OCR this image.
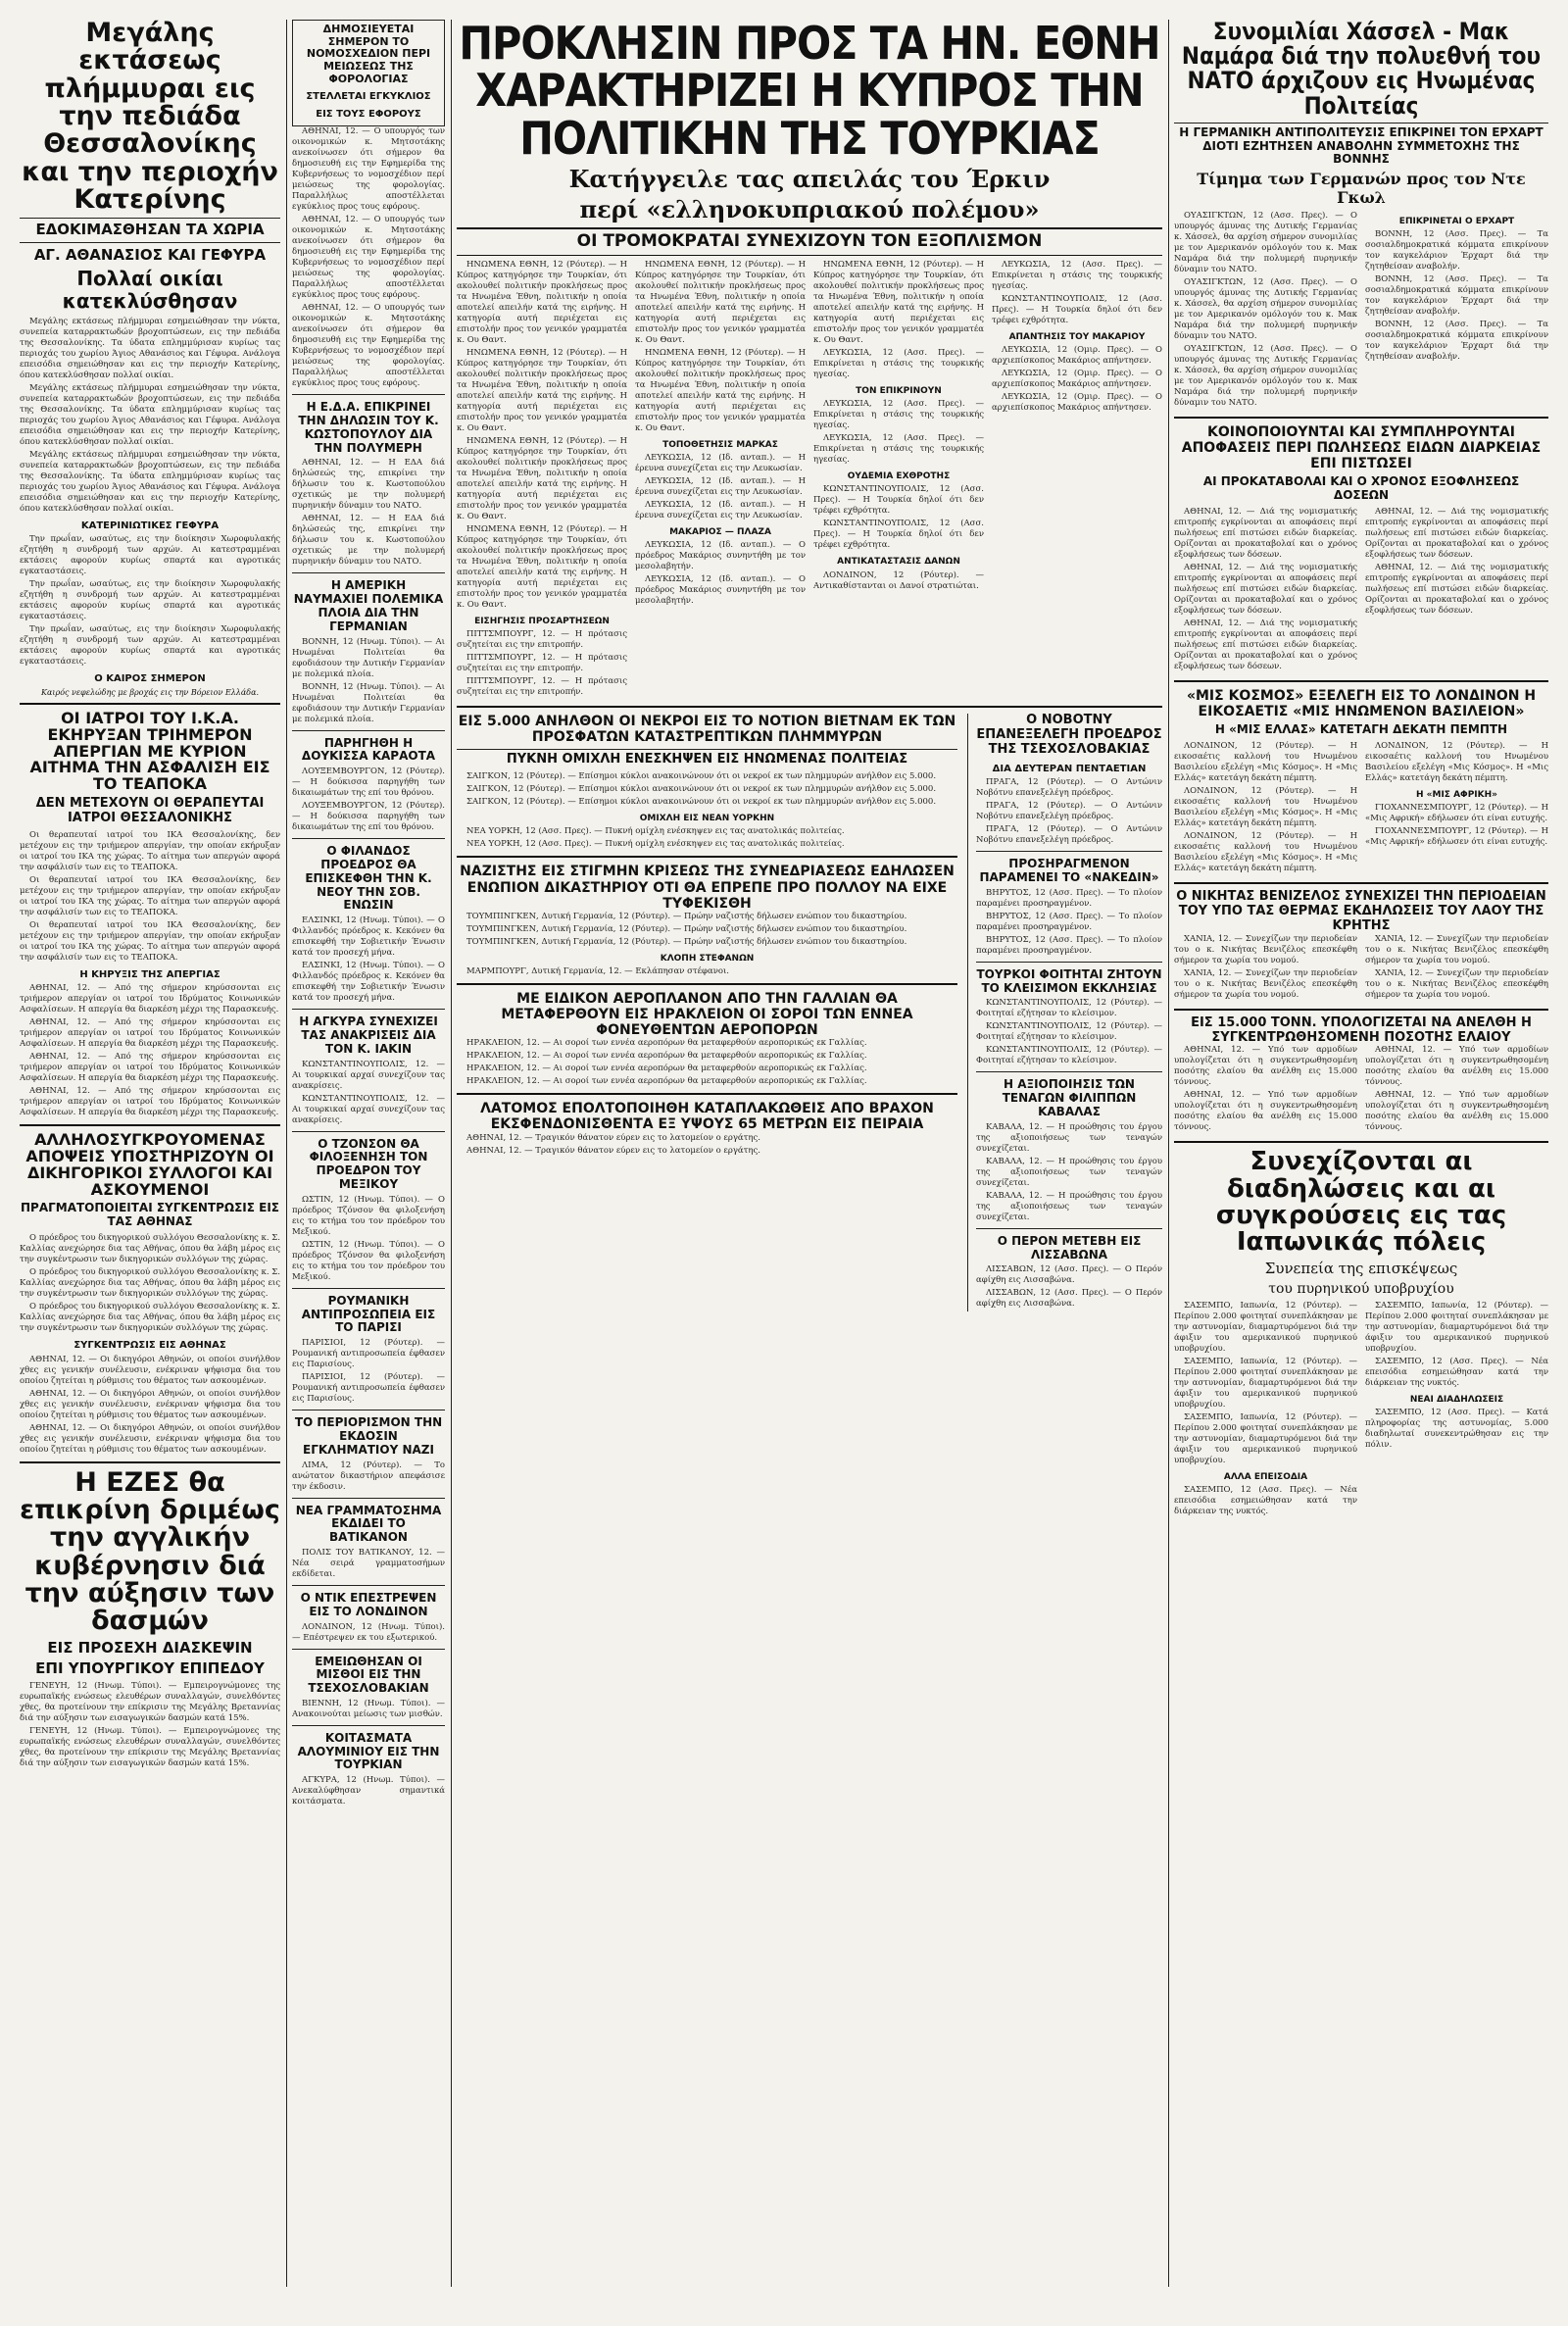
Μεγάλης εκτάσεως πλήμμυραι εις την πεδιάδα Θεσσαλονίκης και την περιοχήν Κατερίνης
ΕΔΟΚΙΜΑΣΘΗΣΑΝ ΤΑ ΧΩΡΙΑ
ΑΓ. ΑΘΑΝΑΣΙΟΣ ΚΑΙ ΓΕΦΥΡΑ
Πολλαί οικίαι κατεκλύσθησαν

Μεγάλης εκτάσεως πλήμμυραι εσημειώθησαν την νύκτα, συνεπεία καταρρακτωδών βροχοπτώσεων, εις την πεδιάδα της Θεσσαλονίκης. Τα ύδατα επλημμύρισαν κυρίως τας περιοχάς του χωρίου Άγιος Αθανάσιος και Γέφυρα. Ανάλογα επεισόδια σημειώθησαν και εις την περιοχήν Κατερίνης, όπου κατεκλύσθησαν πολλαί οικίαι.

Μεγάλης εκτάσεως πλήμμυραι εσημειώθησαν την νύκτα, συνεπεία καταρρακτωδών βροχοπτώσεων, εις την πεδιάδα της Θεσσαλονίκης. Τα ύδατα επλημμύρισαν κυρίως τας περιοχάς του χωρίου Άγιος Αθανάσιος και Γέφυρα. Ανάλογα επεισόδια σημειώθησαν και εις την περιοχήν Κατερίνης, όπου κατεκλύσθησαν πολλαί οικίαι.

Μεγάλης εκτάσεως πλήμμυραι εσημειώθησαν την νύκτα, συνεπεία καταρρακτωδών βροχοπτώσεων, εις την πεδιάδα της Θεσσαλονίκης. Τα ύδατα επλημμύρισαν κυρίως τας περιοχάς του χωρίου Άγιος Αθανάσιος και Γέφυρα. Ανάλογα επεισόδια σημειώθησαν και εις την περιοχήν Κατερίνης, όπου κατεκλύσθησαν πολλαί οικίαι.

ΚΑΤΕΡΙΝΙΩΤΙΚΕΣ ΓΕΦΥΡΑ

Την πρωΐαν, ωσαύτως, εις την διοίκησιν Χωροφυλακής εζητήθη η συνδρομή των αρχών. Αι κατεστραμμέναι εκτάσεις αφορούν κυρίως σπαρτά και αγροτικάς εγκαταστάσεις.

Την πρωΐαν, ωσαύτως, εις την διοίκησιν Χωροφυλακής εζητήθη η συνδρομή των αρχών. Αι κατεστραμμέναι εκτάσεις αφορούν κυρίως σπαρτά και αγροτικάς εγκαταστάσεις.

Την πρωΐαν, ωσαύτως, εις την διοίκησιν Χωροφυλακής εζητήθη η συνδρομή των αρχών. Αι κατεστραμμέναι εκτάσεις αφορούν κυρίως σπαρτά και αγροτικάς εγκαταστάσεις.

Ο ΚΑΙΡΟΣ ΣΗΜΕΡΟΝ
Καιρός νεφελώδης με βροχάς εις την Βόρειον Ελλάδα.
ΟΙ ΙΑΤΡΟΙ ΤΟΥ Ι.Κ.Α. ΕΚΗΡΥΞΑΝ ΤΡΙΗΜΕΡΟΝ ΑΠΕΡΓΙΑΝ ΜΕ ΚΥΡΙΟΝ ΑΙΤΗΜΑ ΤΗΝ ΑΣΦΑΛΙΣΗ ΕΙΣ ΤΟ ΤΕΑΠΟΚΑ
ΔΕΝ ΜΕΤΕΧΟΥΝ ΟΙ ΘΕΡΑΠΕΥΤΑΙ ΙΑΤΡΟΙ ΘΕΣΣΑΛΟΝΙΚΗΣ

Οι θεραπευταί ιατροί του ΙΚΑ Θεσσαλονίκης, δεν μετέχουν εις την τριήμερον απεργίαν, την οποίαν εκήρυξαν οι ιατροί του ΙΚΑ της χώρας. Το αίτημα των απεργών αφορά την ασφάλισίν των εις το ΤΕΑΠΟΚΑ.

Οι θεραπευταί ιατροί του ΙΚΑ Θεσσαλονίκης, δεν μετέχουν εις την τριήμερον απεργίαν, την οποίαν εκήρυξαν οι ιατροί του ΙΚΑ της χώρας. Το αίτημα των απεργών αφορά την ασφάλισίν των εις το ΤΕΑΠΟΚΑ.

Οι θεραπευταί ιατροί του ΙΚΑ Θεσσαλονίκης, δεν μετέχουν εις την τριήμερον απεργίαν, την οποίαν εκήρυξαν οι ιατροί του ΙΚΑ της χώρας. Το αίτημα των απεργών αφορά την ασφάλισίν των εις το ΤΕΑΠΟΚΑ.

Η ΚΗΡΥΞΙΣ ΤΗΣ ΑΠΕΡΓΙΑΣ

ΑΘΗΝΑΙ, 12. — Από της σήμερον κηρύσσονται εις τριήμερον απεργίαν οι ιατροί του Ιδρύματος Κοινωνικών Ασφαλίσεων. Η απεργία θα διαρκέση μέχρι της Παρασκευής.

ΑΘΗΝΑΙ, 12. — Από της σήμερον κηρύσσονται εις τριήμερον απεργίαν οι ιατροί του Ιδρύματος Κοινωνικών Ασφαλίσεων. Η απεργία θα διαρκέση μέχρι της Παρασκευής.

ΑΘΗΝΑΙ, 12. — Από της σήμερον κηρύσσονται εις τριήμερον απεργίαν οι ιατροί του Ιδρύματος Κοινωνικών Ασφαλίσεων. Η απεργία θα διαρκέση μέχρι της Παρασκευής.

ΑΘΗΝΑΙ, 12. — Από της σήμερον κηρύσσονται εις τριήμερον απεργίαν οι ιατροί του Ιδρύματος Κοινωνικών Ασφαλίσεων. Η απεργία θα διαρκέση μέχρι της Παρασκευής.

ΑΛΛΗΛΟΣΥΓΚΡΟΥΟΜΕΝΑΣ ΑΠΟΨΕΙΣ ΥΠΟΣΤΗΡΙΖΟΥΝ ΟΙ ΔΙΚΗΓΟΡΙΚΟΙ ΣΥΛΛΟΓΟΙ ΚΑΙ ΑΣΚΟΥΜΕΝΟΙ
ΠΡΑΓΜΑΤΟΠΟΙΕΙΤΑΙ ΣΥΓΚΕΝΤΡΩΣΙΣ ΕΙΣ ΤΑΣ ΑΘΗΝΑΣ

Ο πρόεδρος του δικηγορικού συλλόγου Θεσσαλονίκης κ. Σ. Καλλίας ανεχώρησε δια τας Αθήνας, όπου θα λάβη μέρος εις την συγκέντρωσιν των δικηγορικών συλλόγων της χώρας.

Ο πρόεδρος του δικηγορικού συλλόγου Θεσσαλονίκης κ. Σ. Καλλίας ανεχώρησε δια τας Αθήνας, όπου θα λάβη μέρος εις την συγκέντρωσιν των δικηγορικών συλλόγων της χώρας.

Ο πρόεδρος του δικηγορικού συλλόγου Θεσσαλονίκης κ. Σ. Καλλίας ανεχώρησε δια τας Αθήνας, όπου θα λάβη μέρος εις την συγκέντρωσιν των δικηγορικών συλλόγων της χώρας.

ΣΥΓΚΕΝΤΡΩΣΙΣ ΕΙΣ ΑΘΗΝΑΣ

ΑΘΗΝΑΙ, 12. — Οι δικηγόροι Αθηνών, οι οποίοι συνήλθον χθες εις γενικήν συνέλευσιν, ενέκριναν ψήφισμα δια του οποίου ζητείται η ρύθμισις του θέματος των ασκουμένων.

ΑΘΗΝΑΙ, 12. — Οι δικηγόροι Αθηνών, οι οποίοι συνήλθον χθες εις γενικήν συνέλευσιν, ενέκριναν ψήφισμα δια του οποίου ζητείται η ρύθμισις του θέματος των ασκουμένων.

ΑΘΗΝΑΙ, 12. — Οι δικηγόροι Αθηνών, οι οποίοι συνήλθον χθες εις γενικήν συνέλευσιν, ενέκριναν ψήφισμα δια του οποίου ζητείται η ρύθμισις του θέματος των ασκουμένων.

Η ΕΖΕΣ θα επικρίνη δριμέως την αγγλικήν κυβέρνησιν διά την αύξησιν των δασμών
ΕΙΣ ΠΡΟΣΕΧΗ ΔΙΑΣΚΕΨΙΝ
ΕΠΙ ΥΠΟΥΡΓΙΚΟΥ ΕΠΙΠΕΔΟΥ

ΓΕΝΕΥΗ, 12 (Ηνωμ. Τύποι). — Εμπειρογνώμονες της ευρωπαϊκής ενώσεως ελευθέρων συναλλαγών, συνελθόντες χθες, θα προτείνουν την επίκρισιν της Μεγάλης Βρεταννίας διά την αύξησιν των εισαγωγικών δασμών κατά 15%.

ΓΕΝΕΥΗ, 12 (Ηνωμ. Τύποι). — Εμπειρογνώμονες της ευρωπαϊκής ενώσεως ελευθέρων συναλλαγών, συνελθόντες χθες, θα προτείνουν την επίκρισιν της Μεγάλης Βρεταννίας διά την αύξησιν των εισαγωγικών δασμών κατά 15%.

ΔΗΜΟΣΙΕΥΕΤΑΙ ΣΗΜΕΡΟΝ ΤΟ ΝΟΜΟΣΧΕΔΙΟΝ ΠΕΡΙ ΜΕΙΩΣΕΩΣ ΤΗΣ ΦΟΡΟΛΟΓΙΑΣ
ΣΤΕΛΛΕΤΑΙ ΕΓΚΥΚΛΙΟΣ
ΕΙΣ ΤΟΥΣ ΕΦΟΡΟΥΣ

ΑΘΗΝΑΙ, 12. — Ο υπουργός των οικονομικών κ. Μητσοτάκης ανεκοίνωσεν ότι σήμερον θα δημοσιευθή εις την Εφημερίδα της Κυβερνήσεως το νομοσχέδιον περί μειώσεως της φορολογίας. Παραλλήλως αποστέλλεται εγκύκλιος προς τους εφόρους.

ΑΘΗΝΑΙ, 12. — Ο υπουργός των οικονομικών κ. Μητσοτάκης ανεκοίνωσεν ότι σήμερον θα δημοσιευθή εις την Εφημερίδα της Κυβερνήσεως το νομοσχέδιον περί μειώσεως της φορολογίας. Παραλλήλως αποστέλλεται εγκύκλιος προς τους εφόρους.

ΑΘΗΝΑΙ, 12. — Ο υπουργός των οικονομικών κ. Μητσοτάκης ανεκοίνωσεν ότι σήμερον θα δημοσιευθή εις την Εφημερίδα της Κυβερνήσεως το νομοσχέδιον περί μειώσεως της φορολογίας. Παραλλήλως αποστέλλεται εγκύκλιος προς τους εφόρους.

Η Ε.Δ.Α. ΕΠΙΚΡΙΝΕΙ ΤΗΝ ΔΗΛΩΣΙΝ ΤΟΥ Κ. ΚΩΣΤΟΠΟΥΛΟΥ ΔΙΑ ΤΗΝ ΠΟΛΥΜΕΡΗ

ΑΘΗΝΑΙ, 12. — Η ΕΔΑ διά δηλώσεώς της, επικρίνει την δήλωσιν του κ. Κωστοπούλου σχετικώς με την πολυμερή πυρηνικήν δύναμιν του ΝΑΤΟ.

ΑΘΗΝΑΙ, 12. — Η ΕΔΑ διά δηλώσεώς της, επικρίνει την δήλωσιν του κ. Κωστοπούλου σχετικώς με την πολυμερή πυρηνικήν δύναμιν του ΝΑΤΟ.

Η ΑΜΕΡΙΚΗ ΝΑΥΜΑΧΙΕΙ ΠΟΛΕΜΙΚΑ ΠΛΟΙΑ ΔΙΑ ΤΗΝ ΓΕΡΜΑΝΙΑΝ

ΒΟΝΝΗ, 12 (Ηνωμ. Τύποι). — Αι Ηνωμέναι Πολιτείαι θα εφοδιάσουν την Δυτικήν Γερμανίαν με πολεμικά πλοία.

ΒΟΝΝΗ, 12 (Ηνωμ. Τύποι). — Αι Ηνωμέναι Πολιτείαι θα εφοδιάσουν την Δυτικήν Γερμανίαν με πολεμικά πλοία.

ΠΑΡΗΓΗΘΗ Η ΔΟΥΚΙΣΣΑ ΚΑΡΑΟΤΑ

ΛΟΥΞΕΜΒΟΥΡΓΟΝ, 12 (Ρόυτερ). — Η δούκισσα παρηγήθη των δικαιωμάτων της επί του θρόνου.

ΛΟΥΞΕΜΒΟΥΡΓΟΝ, 12 (Ρόυτερ). — Η δούκισσα παρηγήθη των δικαιωμάτων της επί του θρόνου.

Ο ΦΙΛΑΝΔΟΣ ΠΡΟΕΔΡΟΣ ΘΑ ΕΠΙΣΚΕΦΘΗ ΤΗΝ Κ. ΝΕΟΥ ΤΗΝ ΣΟΒ. ΕΝΩΣΙΝ

ΕΛΣΙΝΚΙ, 12 (Ηνωμ. Τύποι). — Ο Φιλλανδός πρόεδρος κ. Κεκόνεν θα επισκεφθή την Σοβιετικήν Ένωσιν κατά τον προσεχή μήνα.

ΕΛΣΙΝΚΙ, 12 (Ηνωμ. Τύποι). — Ο Φιλλανδός πρόεδρος κ. Κεκόνεν θα επισκεφθή την Σοβιετικήν Ένωσιν κατά τον προσεχή μήνα.

Η ΑΓΚΥΡΑ ΣΥΝΕΧΙΖΕΙ ΤΑΣ ΑΝΑΚΡΙΣΕΙΣ ΔΙΑ ΤΟΝ Κ. ΙΑΚΙΝ

ΚΩΝΣΤΑΝΤΙΝΟΥΠΟΛΙΣ, 12. — Αι τουρκικαί αρχαί συνεχίζουν τας ανακρίσεις.

ΚΩΝΣΤΑΝΤΙΝΟΥΠΟΛΙΣ, 12. — Αι τουρκικαί αρχαί συνεχίζουν τας ανακρίσεις.

Ο ΤΖΟΝΣΟΝ ΘΑ ΦΙΛΟΞΕΝΗΣΗ ΤΟΝ ΠΡΟΕΔΡΟΝ ΤΟΥ ΜΕΞΙΚΟΥ

ΩΣΤΙΝ, 12 (Ηνωμ. Τύποι). — Ο πρόεδρος Τζόνσον θα φιλοξενήση εις το κτήμα του τον πρόεδρον του Μεξικού.

ΩΣΤΙΝ, 12 (Ηνωμ. Τύποι). — Ο πρόεδρος Τζόνσον θα φιλοξενήση εις το κτήμα του τον πρόεδρον του Μεξικού.

ΡΟΥΜΑΝΙΚΗ ΑΝΤΙΠΡΟΣΩΠΕΙΑ ΕΙΣ ΤΟ ΠΑΡΙΣΙ

ΠΑΡΙΣΙΟΙ, 12 (Ρόυτερ). — Ρουμανική αντιπροσωπεία έφθασεν εις Παρισίους.

ΠΑΡΙΣΙΟΙ, 12 (Ρόυτερ). — Ρουμανική αντιπροσωπεία έφθασεν εις Παρισίους.

ΤΟ ΠΕΡΙΟΡΙΣΜΟΝ ΤΗΝ ΕΚΔΟΣΙΝ ΕΓΚΛΗΜΑΤΙΟΥ ΝΑΖΙ

ΛΙΜΑ, 12 (Ρόυτερ). — Το ανώτατον δικαστήριον απεφάσισε την έκδοσιν.

ΝΕΑ ΓΡΑΜΜΑΤΟΣΗΜΑ ΕΚΔΙΔΕΙ ΤΟ ΒΑΤΙΚΑΝΟΝ

ΠΟΛΙΣ ΤΟΥ ΒΑΤΙΚΑΝΟΥ, 12. — Νέα σειρά γραμματοσήμων εκδίδεται.

Ο ΝΤΙΚ ΕΠΕΣΤΡΕΨΕΝ ΕΙΣ ΤΟ ΛΟΝΔΙΝΟΝ

ΛΟΝΔΙΝΟΝ, 12 (Ηνωμ. Τύποι). — Επέστρεψεν εκ του εξωτερικού.

ΕΜΕΙΩΘΗΣΑΝ ΟΙ ΜΙΣΘΟΙ ΕΙΣ ΤΗΝ ΤΣΕΧΟΣΛΟΒΑΚΙΑΝ

ΒΙΕΝΝΗ, 12 (Ηνωμ. Τύποι). — Ανακοινούται μείωσις των μισθών.

ΚΟΙΤΑΣΜΑΤΑ ΑΛΟΥΜΙΝΙΟΥ ΕΙΣ ΤΗΝ ΤΟΥΡΚΙΑΝ

ΑΓΚΥΡΑ, 12 (Ηνωμ. Τύποι). — Ανεκαλύφθησαν σημαντικά κοιτάσματα.

ΠΡΟΚΛΗΣΙΝ ΠΡΟΣ ΤΑ ΗΝ. ΕΘΝΗ ΧΑΡΑΚΤΗΡΙΖΕΙ Η ΚΥΠΡΟΣ ΤΗΝ ΠΟΛΙΤΙΚΗΝ ΤΗΣ ΤΟΥΡΚΙΑΣ
Κατήγγειλε τας απειλάς του Έρκιν
περί «ελληνοκυπριακού πολέμου»
ΟΙ ΤΡΟΜΟΚΡΑΤΑΙ ΣΥΝΕΧΙΖΟΥΝ ΤΟΝ ΕΞΟΠΛΙΣΜΟΝ

ΗΝΩΜΕΝΑ ΕΘΝΗ, 12 (Ρόυτερ). — Η Κύπρος κατηγόρησε την Τουρκίαν, ότι ακολουθεί πολιτικήν προκλήσεως προς τα Ηνωμένα Έθνη, πολιτικήν η οποία αποτελεί απειλήν κατά της ειρήνης. Η κατηγορία αυτή περιέχεται εις επιστολήν προς τον γενικόν γραμματέα κ. Ου Θαντ.

ΗΝΩΜΕΝΑ ΕΘΝΗ, 12 (Ρόυτερ). — Η Κύπρος κατηγόρησε την Τουρκίαν, ότι ακολουθεί πολιτικήν προκλήσεως προς τα Ηνωμένα Έθνη, πολιτικήν η οποία αποτελεί απειλήν κατά της ειρήνης. Η κατηγορία αυτή περιέχεται εις επιστολήν προς τον γενικόν γραμματέα κ. Ου Θαντ.

ΗΝΩΜΕΝΑ ΕΘΝΗ, 12 (Ρόυτερ). — Η Κύπρος κατηγόρησε την Τουρκίαν, ότι ακολουθεί πολιτικήν προκλήσεως προς τα Ηνωμένα Έθνη, πολιτικήν η οποία αποτελεί απειλήν κατά της ειρήνης. Η κατηγορία αυτή περιέχεται εις επιστολήν προς τον γενικόν γραμματέα κ. Ου Θαντ.

ΗΝΩΜΕΝΑ ΕΘΝΗ, 12 (Ρόυτερ). — Η Κύπρος κατηγόρησε την Τουρκίαν, ότι ακολουθεί πολιτικήν προκλήσεως προς τα Ηνωμένα Έθνη, πολιτικήν η οποία αποτελεί απειλήν κατά της ειρήνης. Η κατηγορία αυτή περιέχεται εις επιστολήν προς τον γενικόν γραμματέα κ. Ου Θαντ.

ΕΙΣΗΓΗΣΙΣ ΠΡΟΣΑΡΤΗΣΕΩΝ

ΠΙΤΤΣΜΠΟΥΡΓ, 12. — Η πρότασις συζητείται εις την επιτροπήν.

ΠΙΤΤΣΜΠΟΥΡΓ, 12. — Η πρότασις συζητείται εις την επιτροπήν.

ΠΙΤΤΣΜΠΟΥΡΓ, 12. — Η πρότασις συζητείται εις την επιτροπήν.

ΗΝΩΜΕΝΑ ΕΘΝΗ, 12 (Ρόυτερ). — Η Κύπρος κατηγόρησε την Τουρκίαν, ότι ακολουθεί πολιτικήν προκλήσεως προς τα Ηνωμένα Έθνη, πολιτικήν η οποία αποτελεί απειλήν κατά της ειρήνης. Η κατηγορία αυτή περιέχεται εις επιστολήν προς τον γενικόν γραμματέα κ. Ου Θαντ.

ΗΝΩΜΕΝΑ ΕΘΝΗ, 12 (Ρόυτερ). — Η Κύπρος κατηγόρησε την Τουρκίαν, ότι ακολουθεί πολιτικήν προκλήσεως προς τα Ηνωμένα Έθνη, πολιτικήν η οποία αποτελεί απειλήν κατά της ειρήνης. Η κατηγορία αυτή περιέχεται εις επιστολήν προς τον γενικόν γραμματέα κ. Ου Θαντ.

ΤΟΠΟΘΕΤΗΣΙΣ ΜΑΡΚΑΣ

ΛΕΥΚΩΣΙΑ, 12 (Ιδ. ανταπ.). — Η έρευνα συνεχίζεται εις την Λευκωσίαν.

ΛΕΥΚΩΣΙΑ, 12 (Ιδ. ανταπ.). — Η έρευνα συνεχίζεται εις την Λευκωσίαν.

ΛΕΥΚΩΣΙΑ, 12 (Ιδ. ανταπ.). — Η έρευνα συνεχίζεται εις την Λευκωσίαν.

ΜΑΚΑΡΙΟΣ — ΠΛΑΖΑ

ΛΕΥΚΩΣΙΑ, 12 (Ιδ. ανταπ.). — Ο πρόεδρος Μακάριος συνηντήθη με τον μεσολαβητήν.

ΛΕΥΚΩΣΙΑ, 12 (Ιδ. ανταπ.). — Ο πρόεδρος Μακάριος συνηντήθη με τον μεσολαβητήν.

ΗΝΩΜΕΝΑ ΕΘΝΗ, 12 (Ρόυτερ). — Η Κύπρος κατηγόρησε την Τουρκίαν, ότι ακολουθεί πολιτικήν προκλήσεως προς τα Ηνωμένα Έθνη, πολιτικήν η οποία αποτελεί απειλήν κατά της ειρήνης. Η κατηγορία αυτή περιέχεται εις επιστολήν προς τον γενικόν γραμματέα κ. Ου Θαντ.

ΛΕΥΚΩΣΙΑ, 12 (Ασσ. Πρες). — Επικρίνεται η στάσις της τουρκικής ηγεσίας.

ΤΟΝ ΕΠΙΚΡΙΝΟΥΝ

ΛΕΥΚΩΣΙΑ, 12 (Ασσ. Πρες). — Επικρίνεται η στάσις της τουρκικής ηγεσίας.

ΛΕΥΚΩΣΙΑ, 12 (Ασσ. Πρες). — Επικρίνεται η στάσις της τουρκικής ηγεσίας.

ΟΥΔΕΜΙΑ ΕΧΘΡΟΤΗΣ

ΚΩΝΣΤΑΝΤΙΝΟΥΠΟΛΙΣ, 12 (Ασσ. Πρες). — Η Τουρκία δηλοί ότι δεν τρέφει εχθρότητα.

ΚΩΝΣΤΑΝΤΙΝΟΥΠΟΛΙΣ, 12 (Ασσ. Πρες). — Η Τουρκία δηλοί ότι δεν τρέφει εχθρότητα.

ΑΝΤΙΚΑΤΑΣΤΑΣΙΣ ΔΑΝΩΝ

ΛΟΝΔΙΝΟΝ, 12 (Ρόυτερ). — Αντικαθίστανται οι Δανοί στρατιώται.

ΛΕΥΚΩΣΙΑ, 12 (Ασσ. Πρες). — Επικρίνεται η στάσις της τουρκικής ηγεσίας.

ΚΩΝΣΤΑΝΤΙΝΟΥΠΟΛΙΣ, 12 (Ασσ. Πρες). — Η Τουρκία δηλοί ότι δεν τρέφει εχθρότητα.

ΑΠΑΝΤΗΣΙΣ ΤΟΥ ΜΑΚΑΡΙΟΥ

ΛΕΥΚΩΣΙΑ, 12 (Ομιρ. Πρες). — Ο αρχιεπίσκοπος Μακάριος απήντησεν.

ΛΕΥΚΩΣΙΑ, 12 (Ομιρ. Πρες). — Ο αρχιεπίσκοπος Μακάριος απήντησεν.

ΛΕΥΚΩΣΙΑ, 12 (Ομιρ. Πρες). — Ο αρχιεπίσκοπος Μακάριος απήντησεν.

ΕΙΣ 5.000 ΑΝΗΛΘΟΝ ΟΙ ΝΕΚΡΟΙ ΕΙΣ ΤΟ ΝΟΤΙΟΝ ΒΙΕΤΝΑΜ ΕΚ ΤΩΝ ΠΡΟΣΦΑΤΩΝ ΚΑΤΑΣΤΡΕΠΤΙΚΩΝ ΠΛΗΜΜΥΡΩΝ
ΠΥΚΝΗ ΟΜΙΧΛΗ ΕΝΕΣΚΗΨΕΝ ΕΙΣ ΗΝΩΜΕΝΑΣ ΠΟΛΙΤΕΙΑΣ

ΣΑΙΓΚΟΝ, 12 (Ρόυτερ). — Επίσημοι κύκλοι ανακοινώνουν ότι οι νεκροί εκ των πλημμυρών ανήλθον εις 5.000.

ΣΑΙΓΚΟΝ, 12 (Ρόυτερ). — Επίσημοι κύκλοι ανακοινώνουν ότι οι νεκροί εκ των πλημμυρών ανήλθον εις 5.000.

ΣΑΙΓΚΟΝ, 12 (Ρόυτερ). — Επίσημοι κύκλοι ανακοινώνουν ότι οι νεκροί εκ των πλημμυρών ανήλθον εις 5.000.

ΟΜΙΧΛΗ ΕΙΣ ΝΕΑΝ ΥΟΡΚΗΝ

ΝΕΑ ΥΟΡΚΗ, 12 (Ασσ. Πρες). — Πυκνή ομίχλη ενέσκηψεν εις τας ανατολικάς πολιτείας.

ΝΕΑ ΥΟΡΚΗ, 12 (Ασσ. Πρες). — Πυκνή ομίχλη ενέσκηψεν εις τας ανατολικάς πολιτείας.

ΝΑΖΙΣΤΗΣ ΕΙΣ ΣΤΙΓΜΗΝ ΚΡΙΣΕΩΣ ΤΗΣ ΣΥΝΕΔΡΙΑΣΕΩΣ ΕΔΗΛΩΣΕΝ ΕΝΩΠΙΟΝ ΔΙΚΑΣΤΗΡΙΟΥ ΟΤΙ ΘΑ ΕΠΡΕΠΕ ΠΡΟ ΠΟΛΛΟΥ ΝΑ ΕΙΧΕ ΤΥΦΕΚΙΣΘΗ

ΤΟΥΜΠΙΝΓΚΕΝ, Δυτική Γερμανία, 12 (Ρόυτερ). — Πρώην ναζιστής δήλωσεν ενώπιον του δικαστηρίου.

ΤΟΥΜΠΙΝΓΚΕΝ, Δυτική Γερμανία, 12 (Ρόυτερ). — Πρώην ναζιστής δήλωσεν ενώπιον του δικαστηρίου.

ΤΟΥΜΠΙΝΓΚΕΝ, Δυτική Γερμανία, 12 (Ρόυτερ). — Πρώην ναζιστής δήλωσεν ενώπιον του δικαστηρίου.

ΚΛΟΠΗ ΣΤΕΦΑΝΩΝ

ΜΑΡΜΠΟΥΡΓ, Δυτική Γερμανία, 12. — Εκλάπησαν στέφανοι.

ΜΕ ΕΙΔΙΚΟΝ ΑΕΡΟΠΛΑΝΟΝ ΑΠΟ ΤΗΝ ΓΑΛΛΙΑΝ ΘΑ ΜΕΤΑΦΕΡΘΟΥΝ ΕΙΣ ΗΡΑΚΛΕΙΟΝ ΟΙ ΣΟΡΟΙ ΤΩΝ ΕΝΝΕΑ ΦΟΝΕΥΘΕΝΤΩΝ ΑΕΡΟΠΟΡΩΝ

ΗΡΑΚΛΕΙΟΝ, 12. — Αι σοροί των εννέα αεροπόρων θα μεταφερθούν αεροπορικώς εκ Γαλλίας.

ΗΡΑΚΛΕΙΟΝ, 12. — Αι σοροί των εννέα αεροπόρων θα μεταφερθούν αεροπορικώς εκ Γαλλίας.

ΗΡΑΚΛΕΙΟΝ, 12. — Αι σοροί των εννέα αεροπόρων θα μεταφερθούν αεροπορικώς εκ Γαλλίας.

ΗΡΑΚΛΕΙΟΝ, 12. — Αι σοροί των εννέα αεροπόρων θα μεταφερθούν αεροπορικώς εκ Γαλλίας.

ΛΑΤΟΜΟΣ ΕΠΟΛΤΟΠΟΙΗΘΗ ΚΑΤΑΠΛΑΚΩΘΕΙΣ ΑΠΟ ΒΡΑΧΟΝ ΕΚΣΦΕΝΔΟΝΙΣΘΕΝΤΑ ΕΞ ΥΨΟΥΣ 65 ΜΕΤΡΩΝ ΕΙΣ ΠΕΙΡΑΙΑ

ΑΘΗΝΑΙ, 12. — Τραγικόν θάνατον εύρεν εις το λατομείον ο εργάτης.

ΑΘΗΝΑΙ, 12. — Τραγικόν θάνατον εύρεν εις το λατομείον ο εργάτης.

Ο ΝΟΒΟΤΝΥ ΕΠΑΝΕΞΕΛΕΓΗ ΠΡΟΕΔΡΟΣ ΤΗΣ ΤΣΕΧΟΣΛΟΒΑΚΙΑΣ
ΔΙΑ ΔΕΥΤΕΡΑΝ ΠΕΝΤΑΕΤΙΑΝ

ΠΡΑΓΑ, 12 (Ρόυτερ). — Ο Αντώνιν Νοβότνυ επανεξελέγη πρόεδρος.

ΠΡΑΓΑ, 12 (Ρόυτερ). — Ο Αντώνιν Νοβότνυ επανεξελέγη πρόεδρος.

ΠΡΑΓΑ, 12 (Ρόυτερ). — Ο Αντώνιν Νοβότνυ επανεξελέγη πρόεδρος.

ΠΡΟΣΗΡΑΓΜΕΝΟΝ ΠΑΡΑΜΕΝΕΙ ΤΟ «ΝΑΚΕΔΙΝ»

ΒΗΡΥΤΟΣ, 12 (Ασσ. Πρες). — Το πλοίον παραμένει προσηραγμένον.

ΒΗΡΥΤΟΣ, 12 (Ασσ. Πρες). — Το πλοίον παραμένει προσηραγμένον.

ΒΗΡΥΤΟΣ, 12 (Ασσ. Πρες). — Το πλοίον παραμένει προσηραγμένον.

ΤΟΥΡΚΟΙ ΦΟΙΤΗΤΑΙ ΖΗΤΟΥΝ ΤΟ ΚΛΕΙΣΙΜΟΝ ΕΚΚΛΗΣΙΑΣ

ΚΩΝΣΤΑΝΤΙΝΟΥΠΟΛΙΣ, 12 (Ρόυτερ). — Φοιτηταί εζήτησαν το κλείσιμον.

ΚΩΝΣΤΑΝΤΙΝΟΥΠΟΛΙΣ, 12 (Ρόυτερ). — Φοιτηταί εζήτησαν το κλείσιμον.

ΚΩΝΣΤΑΝΤΙΝΟΥΠΟΛΙΣ, 12 (Ρόυτερ). — Φοιτηταί εζήτησαν το κλείσιμον.

Η ΑΞΙΟΠΟΙΗΣΙΣ ΤΩΝ ΤΕΝΑΓΩΝ ΦΙΛΙΠΠΩΝ ΚΑΒΑΛΑΣ

ΚΑΒΑΛΑ, 12. — Η προώθησις του έργου της αξιοποιήσεως των τεναγών συνεχίζεται.

ΚΑΒΑΛΑ, 12. — Η προώθησις του έργου της αξιοποιήσεως των τεναγών συνεχίζεται.

ΚΑΒΑΛΑ, 12. — Η προώθησις του έργου της αξιοποιήσεως των τεναγών συνεχίζεται.

Ο ΠΕΡΟΝ ΜΕΤΕΒΗ ΕΙΣ ΛΙΣΣΑΒΩΝΑ

ΛΙΣΣΑΒΩΝ, 12 (Ασσ. Πρες). — Ο Περόν αφίχθη εις Λισσαβώνα.

ΛΙΣΣΑΒΩΝ, 12 (Ασσ. Πρες). — Ο Περόν αφίχθη εις Λισσαβώνα.

Συνομιλίαι Χάσσελ - Μακ Ναμάρα διά την πολυεθνή του ΝΑΤΟ άρχιζουν εις Ηνωμένας Πολιτείας
Η ΓΕΡΜΑΝΙΚΗ ΑΝΤΙΠΟΛΙΤΕΥΣΙΣ ΕΠΙΚΡΙΝΕΙ ΤΟΝ ΕΡΧΑΡΤ ΔΙΟΤΙ ΕΖΗΤΗΣΕΝ ΑΝΑΒΟΛΗΝ ΣΥΜΜΕΤΟΧΗΣ ΤΗΣ ΒΟΝΝΗΣ
Τίμημα των Γερμανών προς τον Ντε Γκωλ

ΟΥΑΣΙΓΚΤΩΝ, 12 (Ασσ. Πρες). — Ο υπουργός άμυνας της Δυτικής Γερμανίας κ. Χάσσελ, θα αρχίση σήμερον συνομιλίας με τον Αμερικανόν ομόλογόν του κ. Μακ Ναμάρα διά την πολυμερή πυρηνικήν δύναμιν του ΝΑΤΟ.

ΟΥΑΣΙΓΚΤΩΝ, 12 (Ασσ. Πρες). — Ο υπουργός άμυνας της Δυτικής Γερμανίας κ. Χάσσελ, θα αρχίση σήμερον συνομιλίας με τον Αμερικανόν ομόλογόν του κ. Μακ Ναμάρα διά την πολυμερή πυρηνικήν δύναμιν του ΝΑΤΟ.

ΟΥΑΣΙΓΚΤΩΝ, 12 (Ασσ. Πρες). — Ο υπουργός άμυνας της Δυτικής Γερμανίας κ. Χάσσελ, θα αρχίση σήμερον συνομιλίας με τον Αμερικανόν ομόλογόν του κ. Μακ Ναμάρα διά την πολυμερή πυρηνικήν δύναμιν του ΝΑΤΟ.

ΕΠΙΚΡΙΝΕΤΑΙ Ο ΕΡΧΑΡΤ

ΒΟΝΝΗ, 12 (Ασσ. Πρες). — Τα σοσιαλδημοκρατικά κόμματα επικρίνουν τον καγκελάριον Έρχαρτ διά την ζητηθείσαν αναβολήν.

ΒΟΝΝΗ, 12 (Ασσ. Πρες). — Τα σοσιαλδημοκρατικά κόμματα επικρίνουν τον καγκελάριον Έρχαρτ διά την ζητηθείσαν αναβολήν.

ΒΟΝΝΗ, 12 (Ασσ. Πρες). — Τα σοσιαλδημοκρατικά κόμματα επικρίνουν τον καγκελάριον Έρχαρτ διά την ζητηθείσαν αναβολήν.

ΚΟΙΝΟΠΟΙΟΥΝΤΑΙ ΚΑΙ ΣΥΜΠΛΗΡΟΥΝΤΑΙ ΑΠΟΦΑΣΕΙΣ ΠΕΡΙ ΠΩΛΗΣΕΩΣ ΕΙΔΩΝ ΔΙΑΡΚΕΙΑΣ ΕΠΙ ΠΙΣΤΩΣΕΙ
ΑΙ ΠΡΟΚΑΤΑΒΟΛΑΙ ΚΑΙ Ο ΧΡΟΝΟΣ ΕΞΟΦΛΗΣΕΩΣ ΔΟΣΕΩΝ

ΑΘΗΝΑΙ, 12. — Διά της νομισματικής επιτροπής εγκρίνονται αι αποφάσεις περί πωλήσεως επί πιστώσει ειδών διαρκείας. Ορίζονται αι προκαταβολαί και ο χρόνος εξοφλήσεως των δόσεων.

ΑΘΗΝΑΙ, 12. — Διά της νομισματικής επιτροπής εγκρίνονται αι αποφάσεις περί πωλήσεως επί πιστώσει ειδών διαρκείας. Ορίζονται αι προκαταβολαί και ο χρόνος εξοφλήσεως των δόσεων.

ΑΘΗΝΑΙ, 12. — Διά της νομισματικής επιτροπής εγκρίνονται αι αποφάσεις περί πωλήσεως επί πιστώσει ειδών διαρκείας. Ορίζονται αι προκαταβολαί και ο χρόνος εξοφλήσεως των δόσεων.

ΑΘΗΝΑΙ, 12. — Διά της νομισματικής επιτροπής εγκρίνονται αι αποφάσεις περί πωλήσεως επί πιστώσει ειδών διαρκείας. Ορίζονται αι προκαταβολαί και ο χρόνος εξοφλήσεως των δόσεων.

ΑΘΗΝΑΙ, 12. — Διά της νομισματικής επιτροπής εγκρίνονται αι αποφάσεις περί πωλήσεως επί πιστώσει ειδών διαρκείας. Ορίζονται αι προκαταβολαί και ο χρόνος εξοφλήσεως των δόσεων.

«ΜΙΣ ΚΟΣΜΟΣ» ΕΞΕΛΕΓΗ ΕΙΣ ΤΟ ΛΟΝΔΙΝΟΝ Η ΕΙΚΟΣΑΕΤΙΣ «ΜΙΣ ΗΝΩΜΕΝΟΝ ΒΑΣΙΛΕΙΟΝ»
Η «ΜΙΣ ΕΛΛΑΣ» ΚΑΤΕΤΑΓΗ ΔΕΚΑΤΗ ΠΕΜΠΤΗ

ΛΟΝΔΙΝΟΝ, 12 (Ρόυτερ). — Η εικοσαέτις καλλονή του Ηνωμένου Βασιλείου εξελέγη «Μις Κόσμος». Η «Μις Ελλάς» κατετάγη δεκάτη πέμπτη.

ΛΟΝΔΙΝΟΝ, 12 (Ρόυτερ). — Η εικοσαέτις καλλονή του Ηνωμένου Βασιλείου εξελέγη «Μις Κόσμος». Η «Μις Ελλάς» κατετάγη δεκάτη πέμπτη.

ΛΟΝΔΙΝΟΝ, 12 (Ρόυτερ). — Η εικοσαέτις καλλονή του Ηνωμένου Βασιλείου εξελέγη «Μις Κόσμος». Η «Μις Ελλάς» κατετάγη δεκάτη πέμπτη.

ΛΟΝΔΙΝΟΝ, 12 (Ρόυτερ). — Η εικοσαέτις καλλονή του Ηνωμένου Βασιλείου εξελέγη «Μις Κόσμος». Η «Μις Ελλάς» κατετάγη δεκάτη πέμπτη.

Η «ΜΙΣ ΑΦΡΙΚΗ»

ΓΙΟΧΑΝΝΕΣΜΠΟΥΡΓ, 12 (Ρόυτερ). — Η «Μις Αφρική» εδήλωσεν ότι είναι ευτυχής.

ΓΙΟΧΑΝΝΕΣΜΠΟΥΡΓ, 12 (Ρόυτερ). — Η «Μις Αφρική» εδήλωσεν ότι είναι ευτυχής.

Ο ΝΙΚΗΤΑΣ ΒΕΝΙΖΕΛΟΣ ΣΥΝΕΧΙΖΕΙ ΤΗΝ ΠΕΡΙΟΔΕΙΑΝ ΤΟΥ ΥΠΟ ΤΑΣ ΘΕΡΜΑΣ ΕΚΔΗΛΩΣΕΙΣ ΤΟΥ ΛΑΟΥ ΤΗΣ ΚΡΗΤΗΣ

ΧΑΝΙΑ, 12. — Συνεχίζων την περιοδείαν του ο κ. Νικήτας Βενιζέλος επεσκέφθη σήμερον τα χωρία του νομού.

ΧΑΝΙΑ, 12. — Συνεχίζων την περιοδείαν του ο κ. Νικήτας Βενιζέλος επεσκέφθη σήμερον τα χωρία του νομού.

ΧΑΝΙΑ, 12. — Συνεχίζων την περιοδείαν του ο κ. Νικήτας Βενιζέλος επεσκέφθη σήμερον τα χωρία του νομού.

ΧΑΝΙΑ, 12. — Συνεχίζων την περιοδείαν του ο κ. Νικήτας Βενιζέλος επεσκέφθη σήμερον τα χωρία του νομού.

ΕΙΣ 15.000 ΤΟΝΝ. ΥΠΟΛΟΓΙΖΕΤΑΙ ΝΑ ΑΝΕΛΘΗ Η ΣΥΓΚΕΝΤΡΩΘΗΣΟΜΕΝΗ ΠΟΣΟΤΗΣ ΕΛΑΙΟΥ

ΑΘΗΝΑΙ, 12. — Υπό των αρμοδίων υπολογίζεται ότι η συγκεντρωθησομένη ποσότης ελαίου θα ανέλθη εις 15.000 τόννους.

ΑΘΗΝΑΙ, 12. — Υπό των αρμοδίων υπολογίζεται ότι η συγκεντρωθησομένη ποσότης ελαίου θα ανέλθη εις 15.000 τόννους.

ΑΘΗΝΑΙ, 12. — Υπό των αρμοδίων υπολογίζεται ότι η συγκεντρωθησομένη ποσότης ελαίου θα ανέλθη εις 15.000 τόννους.

ΑΘΗΝΑΙ, 12. — Υπό των αρμοδίων υπολογίζεται ότι η συγκεντρωθησομένη ποσότης ελαίου θα ανέλθη εις 15.000 τόννους.

Συνεχίζονται αι διαδηλώσεις και αι συγκρούσεις εις τας Ιαπωνικάς πόλεις
Συνεπεία της επισκέψεως
του πυρηνικού υποβρυχίου

ΣΑΣΕΜΠΟ, Ιαπωνία, 12 (Ρόυτερ). — Περίπου 2.000 φοιτηταί συνεπλάκησαν με την αστυνομίαν, διαμαρτυρόμενοι διά την άφιξιν του αμερικανικού πυρηνικού υποβρυχίου.

ΣΑΣΕΜΠΟ, Ιαπωνία, 12 (Ρόυτερ). — Περίπου 2.000 φοιτηταί συνεπλάκησαν με την αστυνομίαν, διαμαρτυρόμενοι διά την άφιξιν του αμερικανικού πυρηνικού υποβρυχίου.

ΣΑΣΕΜΠΟ, Ιαπωνία, 12 (Ρόυτερ). — Περίπου 2.000 φοιτηταί συνεπλάκησαν με την αστυνομίαν, διαμαρτυρόμενοι διά την άφιξιν του αμερικανικού πυρηνικού υποβρυχίου.

ΑΛΛΑ ΕΠΕΙΣΟΔΙΑ

ΣΑΣΕΜΠΟ, 12 (Ασσ. Πρες). — Νέα επεισόδια εσημειώθησαν κατά την διάρκειαν της νυκτός.

ΣΑΣΕΜΠΟ, Ιαπωνία, 12 (Ρόυτερ). — Περίπου 2.000 φοιτηταί συνεπλάκησαν με την αστυνομίαν, διαμαρτυρόμενοι διά την άφιξιν του αμερικανικού πυρηνικού υποβρυχίου.

ΣΑΣΕΜΠΟ, 12 (Ασσ. Πρες). — Νέα επεισόδια εσημειώθησαν κατά την διάρκειαν της νυκτός.

ΝΕΑΙ ΔΙΑΔΗΛΩΣΕΙΣ

ΣΑΣΕΜΠΟ, 12 (Ασσ. Πρες). — Κατά πληροφορίας της αστυνομίας, 5.000 διαδηλωταί συνεκεντρώθησαν εις την πόλιν.
